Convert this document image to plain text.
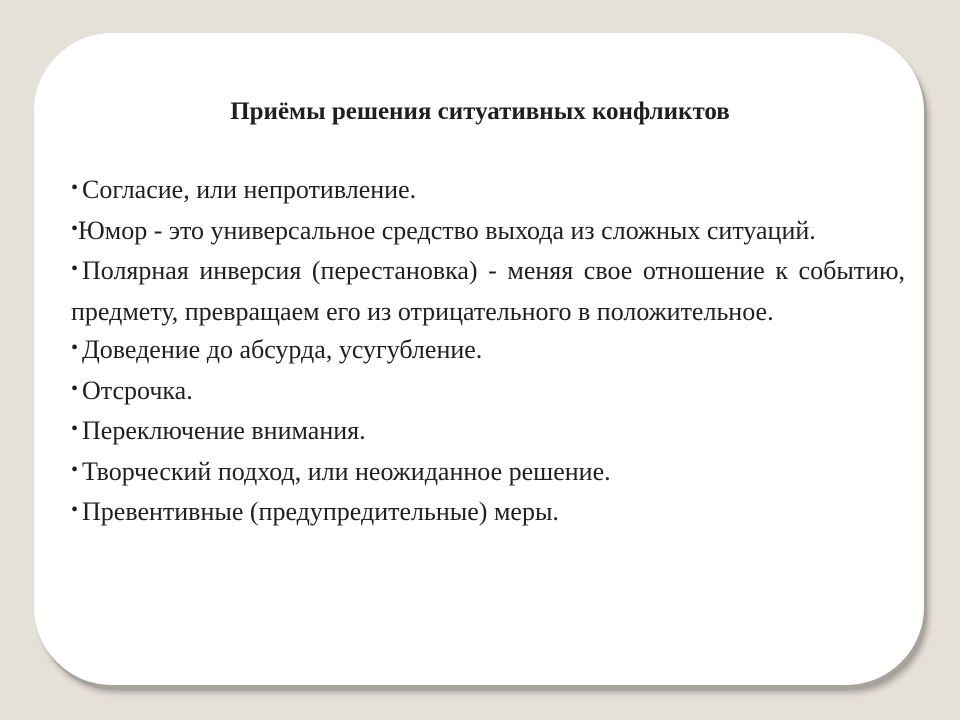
Приёмы решения ситуативных конфликтов
• Согласие, или непротивление.
•Юмор - это универсальное средство выхода из сложных ситуаций.
• Полярная инверсия (перестановка) - меняя свое отношение к событию, предмету, превращаем его из отрицательного в положительное.
• Доведение до абсурда, усугубление.
• Отсрочка.
• Переключение внимания.
• Творческий подход, или неожиданное решение.
• Превентивные (предупредительные) меры.
